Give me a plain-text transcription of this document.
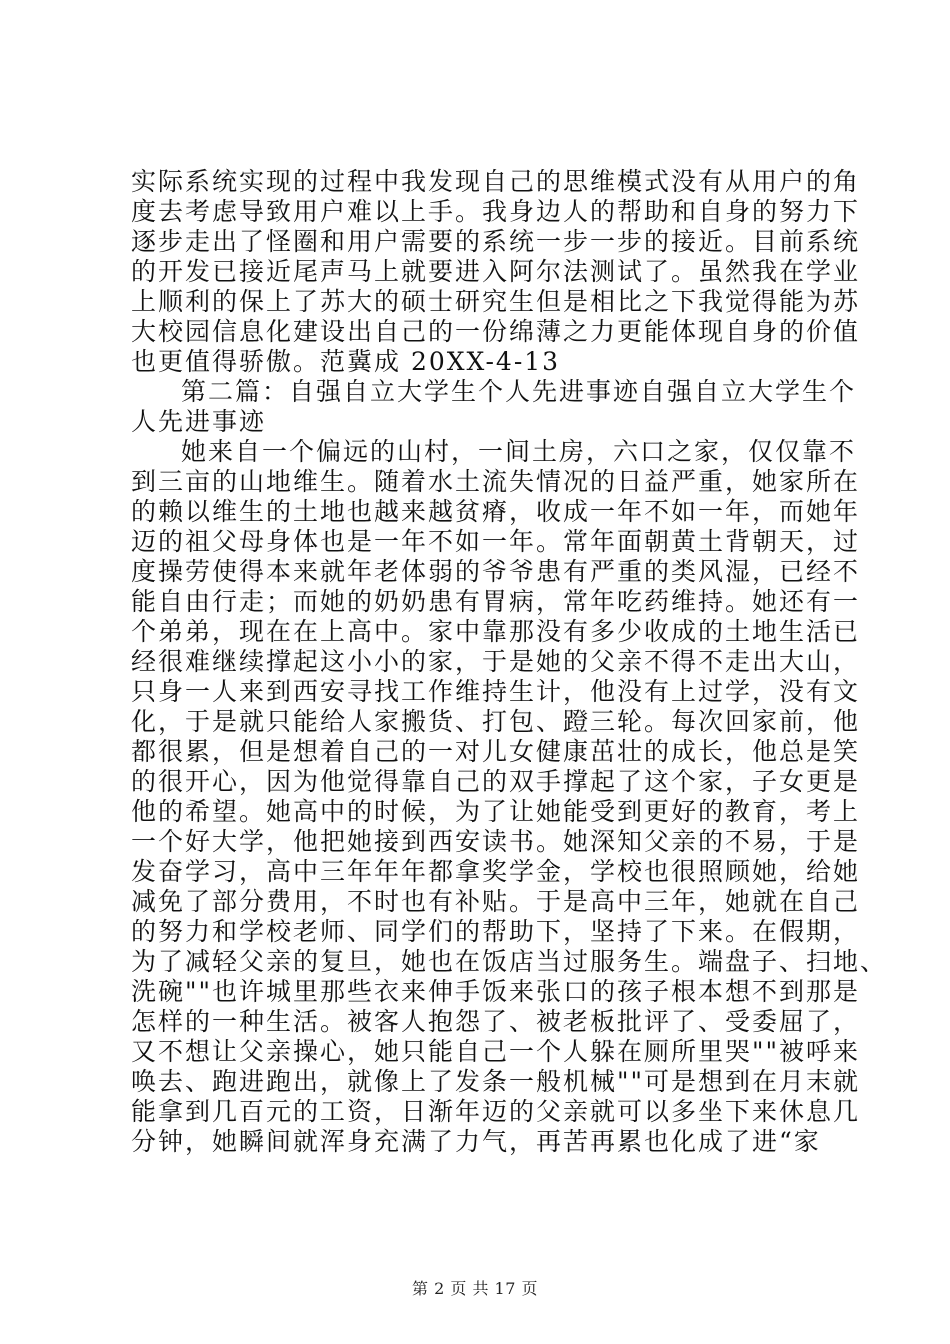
实际系统实现的过程中我发现自己的思维模式没有从用户的角
度去考虑导致用户难以上手。我身边人的帮助和自身的努力下
逐步走出了怪圈和用户需要的系统一步一步的接近。目前系统
的开发已接近尾声马上就要进入阿尔法测试了。虽然我在学业
上顺利的保上了苏大的硕士研究生但是相比之下我觉得能为苏
大校园信息化建设出自己的一份绵薄之力更能体现自身的价值
也更值得骄傲。范冀成 20XX-4-13
第二篇：自强自立大学生个人先进事迹自强自立大学生个
人先进事迹
她来自一个偏远的山村，一间土房，六口之家，仅仅靠不
到三亩的山地维生。随着水土流失情况的日益严重，她家所在
的赖以维生的土地也越来越贫瘠，收成一年不如一年，而她年
迈的祖父母身体也是一年不如一年。常年面朝黄土背朝天，过
度操劳使得本来就年老体弱的爷爷患有严重的类风湿，已经不
能自由行走；而她的奶奶患有胃病，常年吃药维持。她还有一
个弟弟，现在在上高中。家中靠那没有多少收成的土地生活已
经很难继续撑起这小小的家，于是她的父亲不得不走出大山，
只身一人来到西安寻找工作维持生计，他没有上过学，没有文
化，于是就只能给人家搬货、打包、蹬三轮。每次回家前，他
都很累，但是想着自己的一对儿女健康茁壮的成长，他总是笑
的很开心，因为他觉得靠自己的双手撑起了这个家，子女更是
他的希望。她高中的时候，为了让她能受到更好的教育，考上
一个好大学，他把她接到西安读书。她深知父亲的不易，于是
发奋学习，高中三年年年都拿奖学金，学校也很照顾她，给她
减免了部分费用，不时也有补贴。于是高中三年，她就在自己
的努力和学校老师、同学们的帮助下，坚持了下来。在假期，
为了减轻父亲的复旦，她也在饭店当过服务生。端盘子、扫地、
洗碗""也许城里那些衣来伸手饭来张口的孩子根本想不到那是
怎样的一种生活。被客人抱怨了、被老板批评了、受委屈了，
又不想让父亲操心，她只能自己一个人躲在厕所里哭""被呼来
唤去、跑进跑出，就像上了发条一般机械""可是想到在月末就
能拿到几百元的工资，日渐年迈的父亲就可以多坐下来休息几
分钟，她瞬间就浑身充满了力气，再苦再累也化成了进“家
第 2 页 共 17 页
